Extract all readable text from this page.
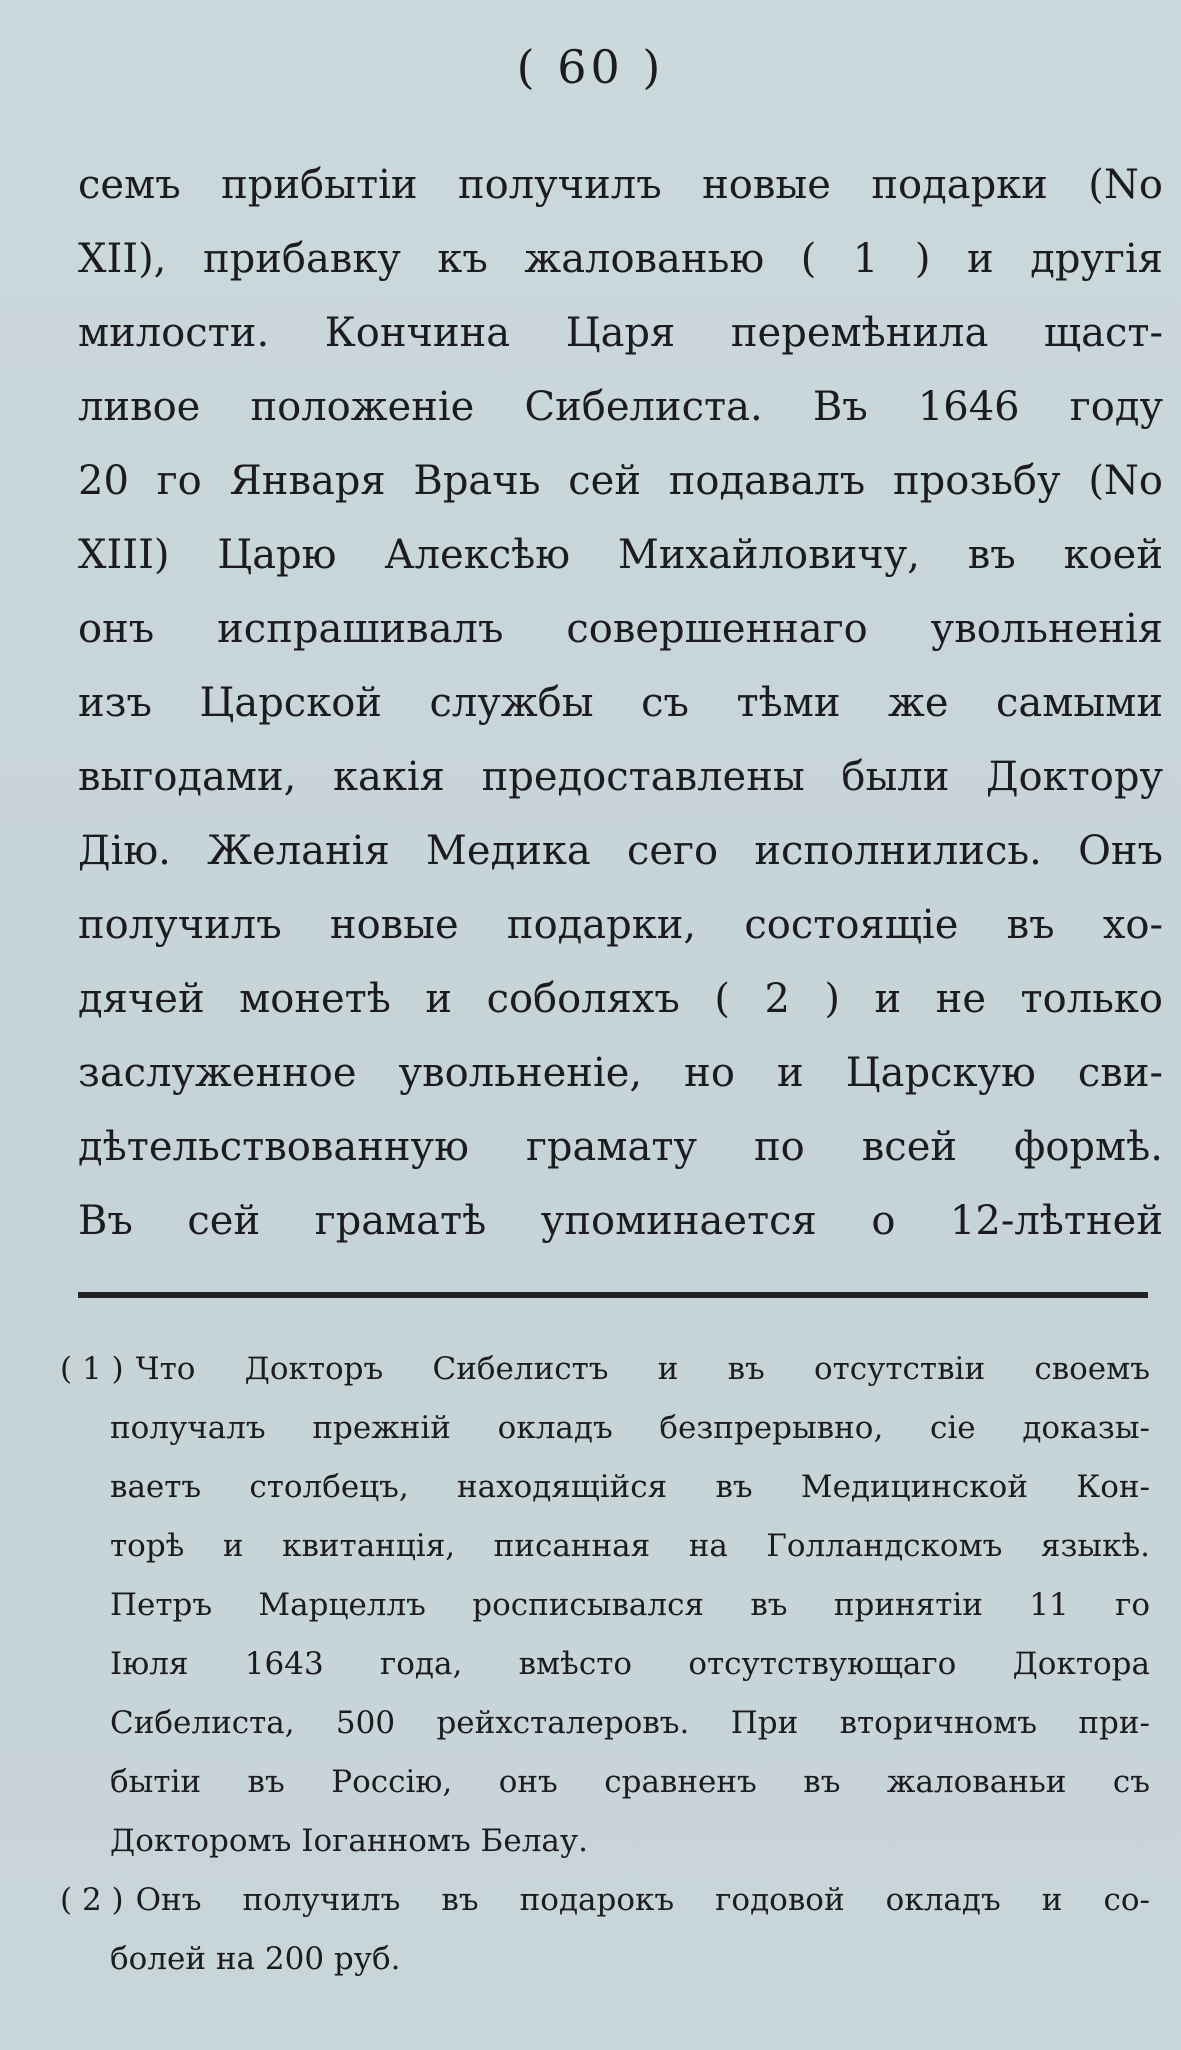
( 60 )
семъ прибытіи получилъ новые подарки (No
XII), прибавку къ жалованью ( 1 ) и другія
милости. Кончина Царя перемѣнила щаст-
ливое положеніе Сибелиста. Въ 1646 году
20 го Января Врачь сей подавалъ прозьбу (No
XIII) Царю Алексѣю Михайловичу, въ коей
онъ испрашивалъ совершеннаго увольненія
изъ Царской службы съ тѣми же самыми
выгодами, какія предоставлены были Доктору
Дію. Желанія Медика сего исполнились. Онъ
получилъ новые подарки, состоящіе въ хо-
дячей монетѣ и соболяхъ ( 2 ) и не только
заслуженное увольненіе, но и Царскую сви-
дѣтельствованную грамату по всей формѣ.
Въ сей граматѣ упоминается о 12-лѣтней
( 1 ) Что Докторъ Сибелистъ и въ отсутствіи своемъ
получалъ прежній окладъ безпрерывно, сіе доказы-
ваетъ столбецъ, находящійся въ Медицинской Кон-
торѣ и квитанція, писанная на Голландскомъ языкѣ.
Петръ Марцеллъ росписывался въ принятіи 11 го
Іюля 1643 года, вмѣсто отсутствующаго Доктора
Сибелиста, 500 рейхсталеровъ. При вторичномъ при-
бытіи въ Россію, онъ сравненъ въ жалованьи съ
Докторомъ Іоганномъ Белау.
( 2 ) Онъ получилъ въ подарокъ годовой окладъ и со-
болей на 200 руб.
